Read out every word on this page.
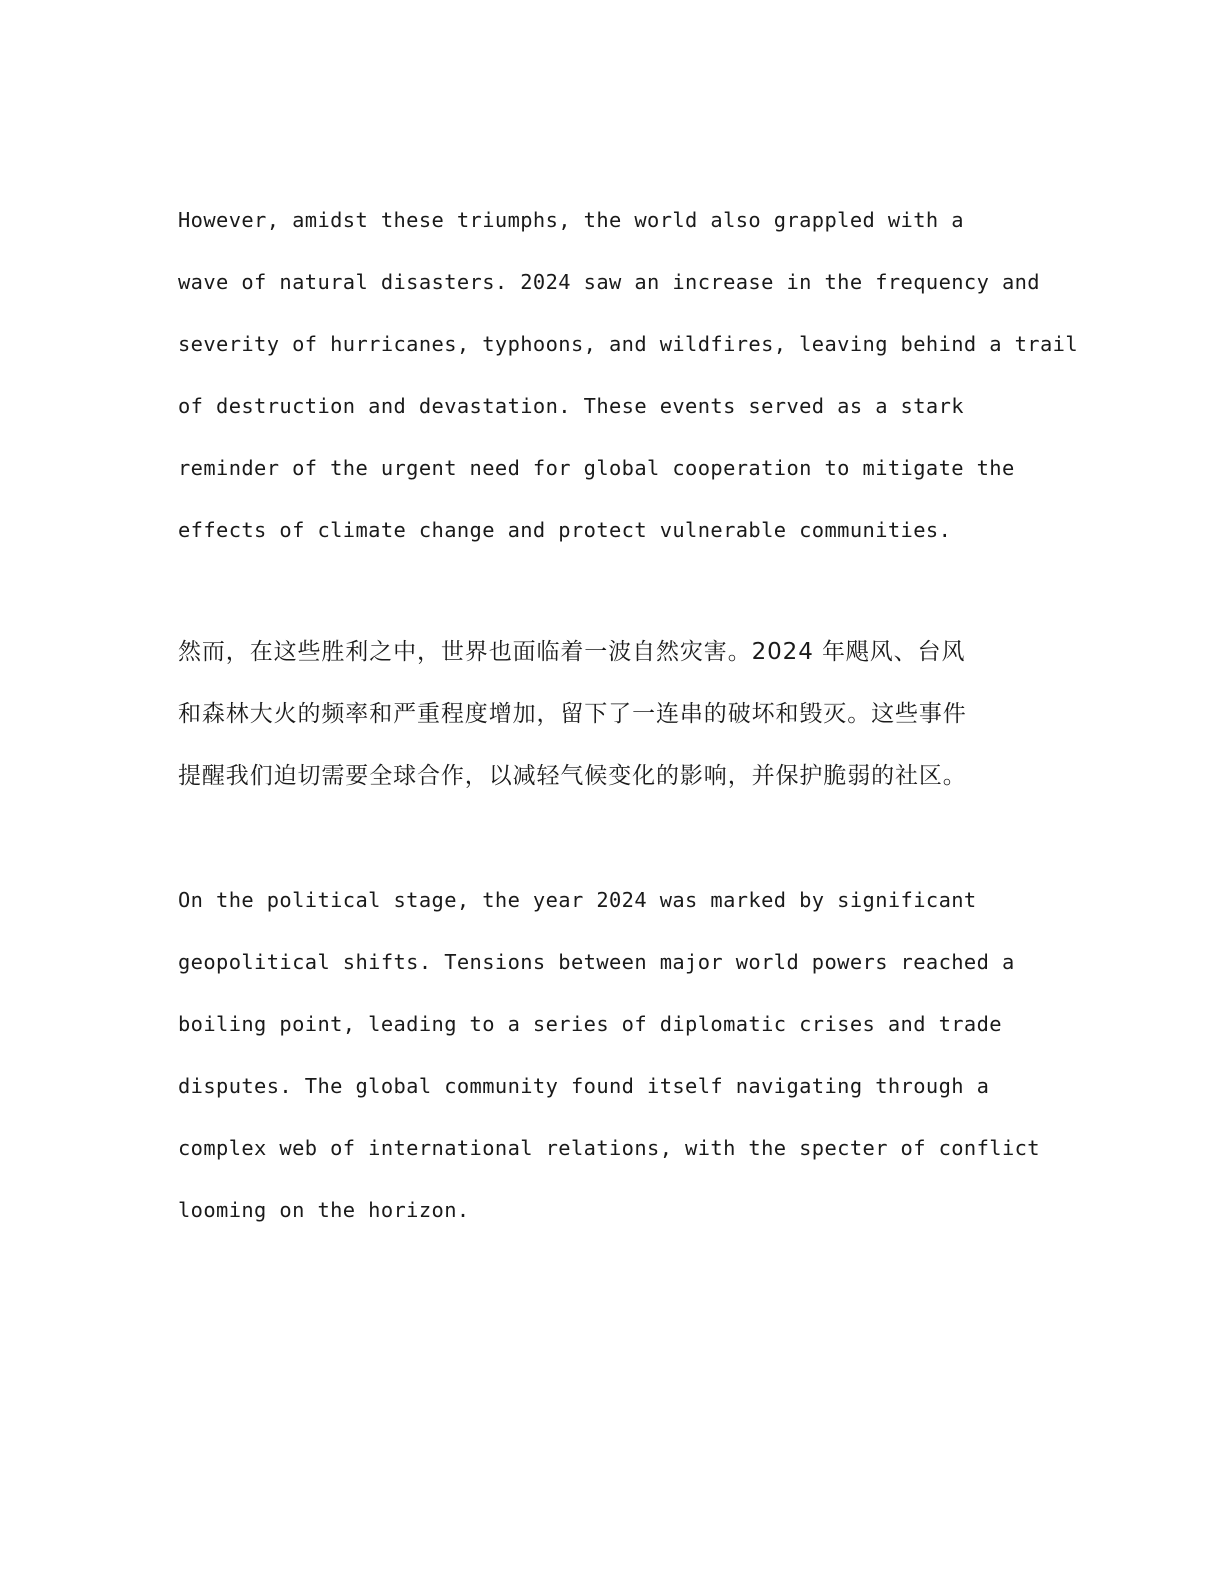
However, amidst these triumphs, the world also grappled with a
wave of natural disasters. 2024 saw an increase in the frequency and
severity of hurricanes, typhoons, and wildfires, leaving behind a trail
of destruction and devastation. These events served as a stark
reminder of the urgent need for global cooperation to mitigate the
effects of climate change and protect vulnerable communities.
然而，在这些胜利之中，世界也面临着一波自然灾害。2024 年飓风、台风
和森林大火的频率和严重程度增加，留下了一连串的破坏和毁灭。这些事件
提醒我们迫切需要全球合作，以减轻气候变化的影响，并保护脆弱的社区。
On the political stage, the year 2024 was marked by significant
geopolitical shifts. Tensions between major world powers reached a
boiling point, leading to a series of diplomatic crises and trade
disputes. The global community found itself navigating through a
complex web of international relations, with the specter of conflict
looming on the horizon.
